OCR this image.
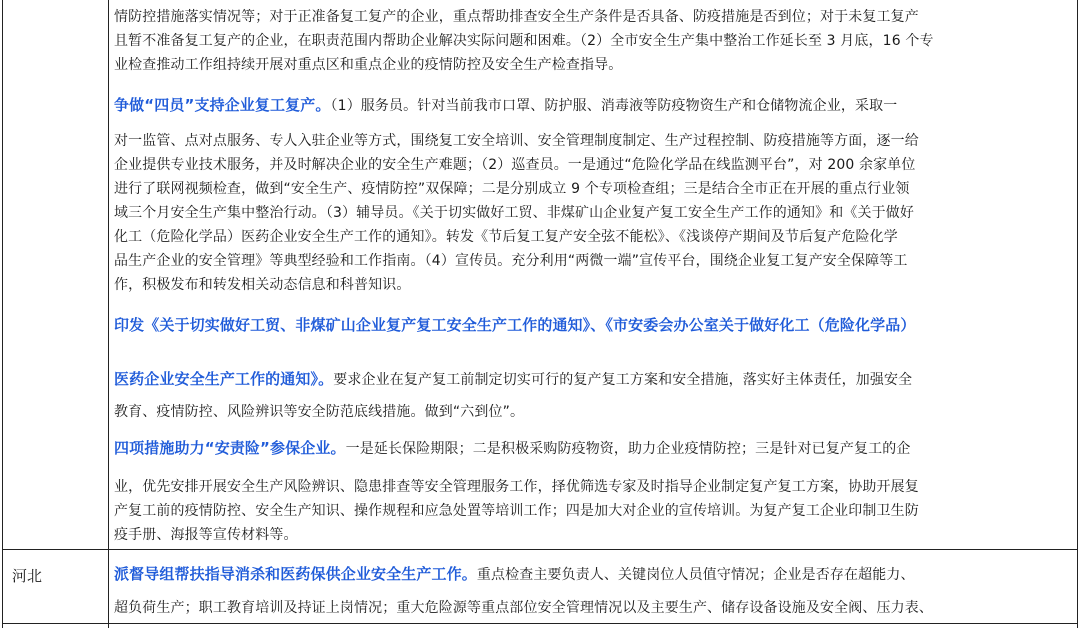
情防控措施落实情况等；对于正准备复工复产的企业，重点帮助排查安全生产条件是否具备、防疫措施是否到位；对于未复工复产
且暂不准备复工复产的企业，在职责范围内帮助企业解决实际问题和困难。（2）全市安全生产集中整治工作延长至 3 月底，16 个专
业检查推动工作组持续开展对重点区和重点企业的疫情防控及安全生产检查指导。
争做“四员”支持企业复工复产。（1）服务员。针对当前我市口罩、防护服、消毒液等防疫物资生产和仓储物流企业，采取一
对一监管、点对点服务、专人入驻企业等方式，围绕复工安全培训、安全管理制度制定、生产过程控制、防疫措施等方面，逐一给
企业提供专业技术服务，并及时解决企业的安全生产难题；（2）巡查员。一是通过“危险化学品在线监测平台”，对 200 余家单位
进行了联网视频检查，做到“安全生产、疫情防控”双保障；二是分别成立 9 个专项检查组；三是结合全市正在开展的重点行业领
域三个月安全生产集中整治行动。（3）辅导员。《关于切实做好工贸、非煤矿山企业复产复工安全生产工作的通知》和《关于做好
化工（危险化学品）医药企业安全生产工作的通知》。转发《节后复工复产安全弦不能松》、《浅谈停产期间及节后复产危险化学
品生产企业的安全管理》等典型经验和工作指南。（4）宣传员。充分利用“两微一端”宣传平台，围绕企业复工复产安全保障等工
作，积极发布和转发相关动态信息和科普知识。
印发《关于切实做好工贸、非煤矿山企业复产复工安全生产工作的通知》、《市安委会办公室关于做好化工（危险化学品）
医药企业安全生产工作的通知》。要求企业在复产复工前制定切实可行的复产复工方案和安全措施，落实好主体责任，加强安全
教育、疫情防控、风险辨识等安全防范底线措施。做到“六到位”。
四项措施助力“安责险”参保企业。一是延长保险期限；二是积极采购防疫物资，助力企业疫情防控；三是针对已复产复工的企
业，优先安排开展安全生产风险辨识、隐患排查等安全管理服务工作，择优筛选专家及时指导企业制定复产复工方案，协助开展复
产复工前的疫情防控、安全生产知识、操作规程和应急处置等培训工作；四是加大对企业的宣传培训。为复产复工企业印制卫生防
疫手册、海报等宣传材料等。
派督导组帮扶指导消杀和医药保供企业安全生产工作。重点检查主要负责人、关键岗位人员值守情况；企业是否存在超能力、
超负荷生产；职工教育培训及持证上岗情况；重大危险源等重点部位安全管理情况以及主要生产、储存设备设施及安全阀、压力表、
河北
